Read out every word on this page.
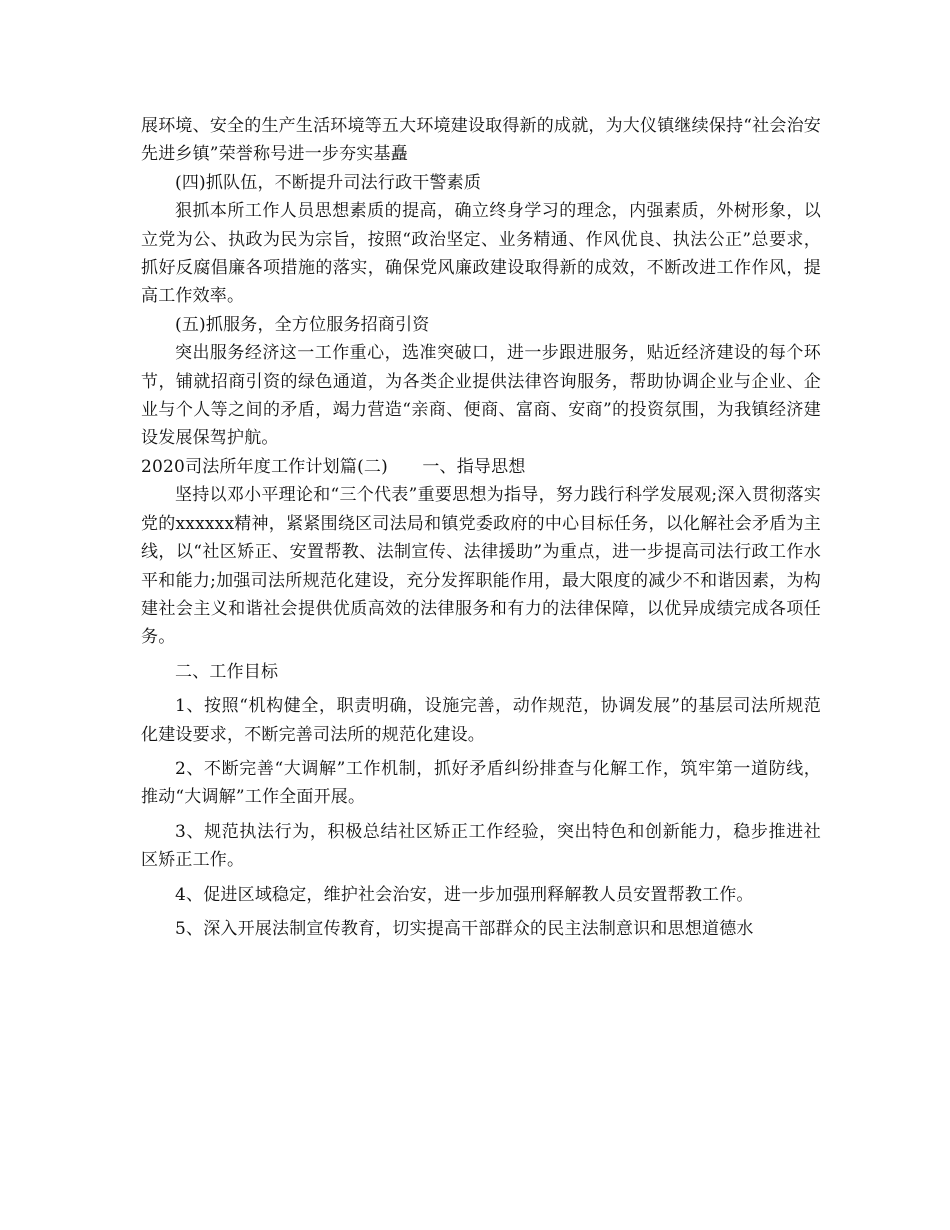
展环境、安全的生产生活环境等五大环境建设取得新的成就，为大仪镇继续保持“社会治安先进乡镇”荣誉称号进一步夯实基矗

(四)抓队伍，不断提升司法行政干警素质

狠抓本所工作人员思想素质的提高，确立终身学习的理念，内强素质，外树形象，以立党为公、执政为民为宗旨，按照“政治坚定、业务精通、作风优良、执法公正”总要求，抓好反腐倡廉各项措施的落实，确保党风廉政建设取得新的成效，不断改进工作作风，提高工作效率。

(五)抓服务，全方位服务招商引资

突出服务经济这一工作重心，选准突破口，进一步跟进服务，贴近经济建设的每个环节，铺就招商引资的绿色通道，为各类企业提供法律咨询服务，帮助协调企业与企业、企业与个人等之间的矛盾，竭力营造“亲商、便商、富商、安商”的投资氛围，为我镇经济建设发展保驾护航。

2020司法所年度工作计划篇(二)　　一、指导思想

坚持以邓小平理论和“三个代表”重要思想为指导，努力践行科学发展观;深入贯彻落实党的xxxxxx精神，紧紧围绕区司法局和镇党委政府的中心目标任务，以化解社会矛盾为主线，以“社区矫正、安置帮教、法制宣传、法律援助”为重点，进一步提高司法行政工作水平和能力;加强司法所规范化建设，充分发挥职能作用，最大限度的减少不和谐因素，为构建社会主义和谐社会提供优质高效的法律服务和有力的法律保障，以优异成绩完成各项任务。

二、工作目标

1、按照“机构健全，职责明确，设施完善，动作规范，协调发展”的基层司法所规范化建设要求，不断完善司法所的规范化建设。

2、不断完善“大调解”工作机制，抓好矛盾纠纷排查与化解工作，筑牢第一道防线，推动“大调解”工作全面开展。

3、规范执法行为，积极总结社区矫正工作经验，突出特色和创新能力，稳步推进社区矫正工作。

4、促进区域稳定，维护社会治安，进一步加强刑释解教人员安置帮教工作。

5、深入开展法制宣传教育，切实提高干部群众的民主法制意识和思想道德水
